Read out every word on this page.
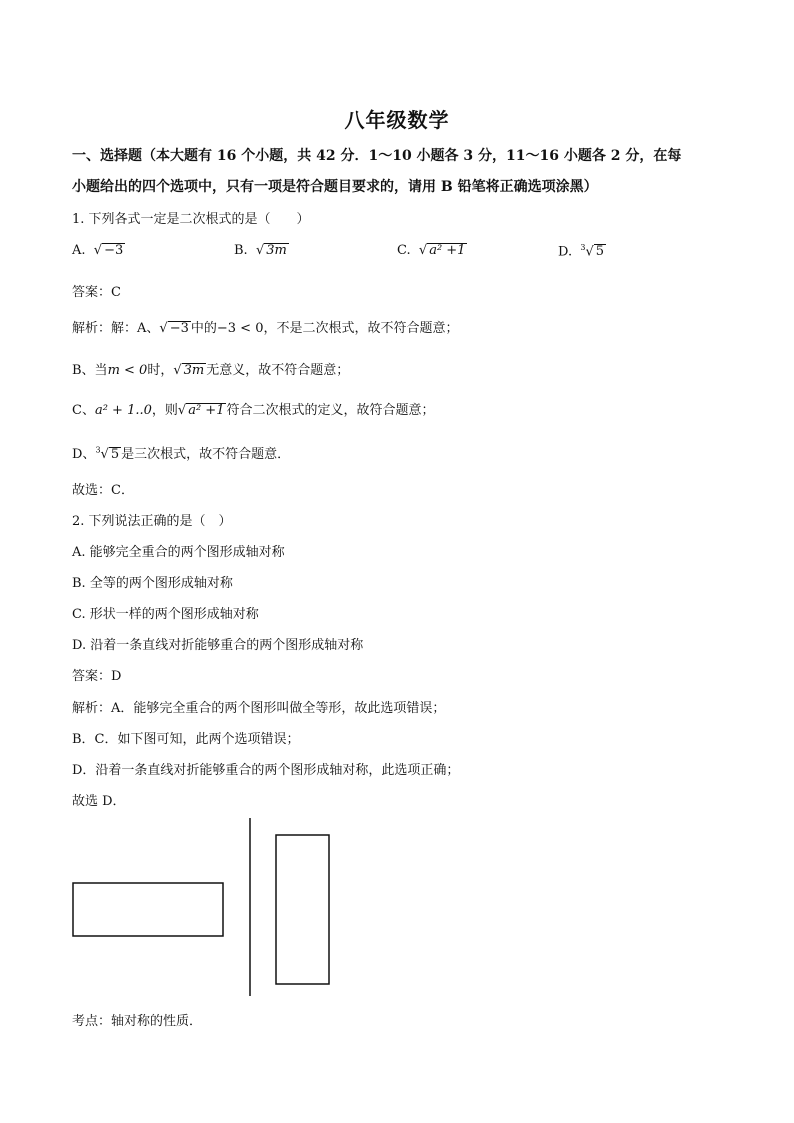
八年级数学
一、选择题（本大题有 16 个小题，共 42 分．1～10 小题各 3 分，11～16 小题各 2 分，在每
小题给出的四个选项中，只有一项是符合题目要求的，请用 B 铅笔将正确选项涂黑）
1. 下列各式一定是二次根式的是（　　）
A. √ −3	B. √ 3m	C. √ a² +1	D. $^3$√ 5
答案：C
解析：解：A、√ −3 中的−3 < 0，不是二次根式，故不符合题意；
B、当m < 0时，√ 3m 无意义，故不符合题意；
C、a² + 1..0，则√ a² +1 符合二次根式的定义，故符合题意；
D、$^3$√ 5 是三次根式，故不符合题意．
故选：C．
2. 下列说法正确的是（　）
A. 能够完全重合的两个图形成轴对称
B. 全等的两个图形成轴对称
C. 形状一样的两个图形成轴对称
D. 沿着一条直线对折能够重合的两个图形成轴对称
答案：D
解析：A．能够完全重合的两个图形叫做全等形，故此选项错误；
B．C．如下图可知，此两个选项错误；
D．沿着一条直线对折能够重合的两个图形成轴对称，此选项正确；
故选 D．
考点：轴对称的性质．
